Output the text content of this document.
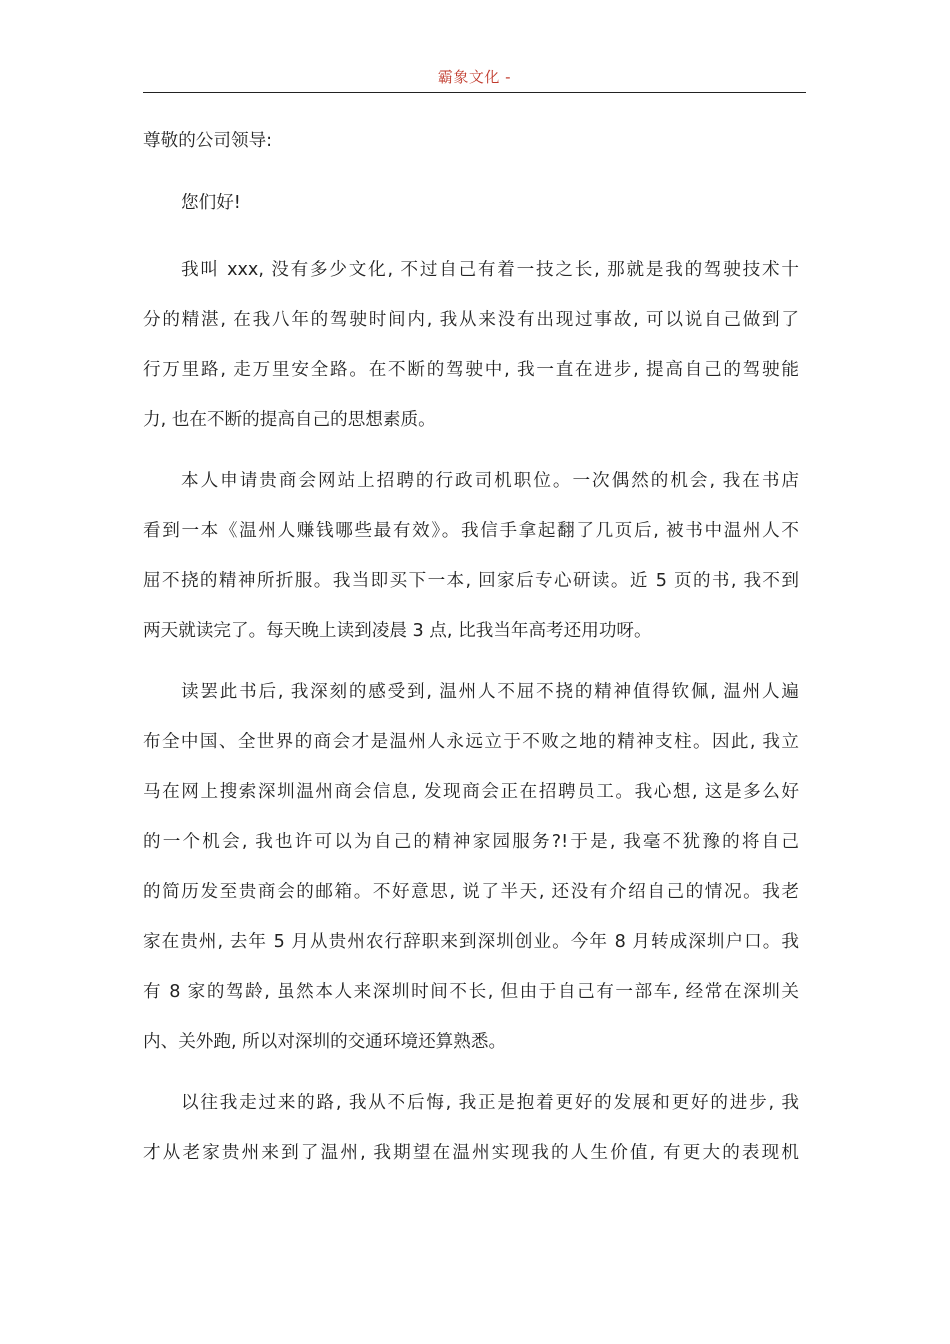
霸象文化 -
尊敬的公司领导:
您们好!
我叫 xxx, 没有多少文化, 不过自己有着一技之长, 那就是我的驾驶技术十
分的精湛, 在我八年的驾驶时间内, 我从来没有出现过事故, 可以说自己做到了
行万里路, 走万里安全路。在不断的驾驶中, 我一直在进步, 提高自己的驾驶能
力, 也在不断的提高自己的思想素质。
本人申请贵商会网站上招聘的行政司机职位。一次偶然的机会, 我在书店
看到一本《温州人赚钱哪些最有效》。我信手拿起翻了几页后, 被书中温州人不
屈不挠的精神所折服。我当即买下一本, 回家后专心研读。近 5 页的书, 我不到
两天就读完了。每天晚上读到凌晨 3 点, 比我当年高考还用功呀。
读罢此书后, 我深刻的感受到, 温州人不屈不挠的精神值得钦佩, 温州人遍
布全中国、全世界的商会才是温州人永远立于不败之地的精神支柱。因此, 我立
马在网上搜索深圳温州商会信息, 发现商会正在招聘员工。我心想, 这是多么好
的一个机会, 我也许可以为自己的精神家园服务?!于是, 我毫不犹豫的将自己
的简历发至贵商会的邮箱。不好意思, 说了半天, 还没有介绍自己的情况。我老
家在贵州, 去年 5 月从贵州农行辞职来到深圳创业。今年 8 月转成深圳户口。我
有 8 家的驾龄, 虽然本人来深圳时间不长, 但由于自己有一部车, 经常在深圳关
内、关外跑, 所以对深圳的交通环境还算熟悉。
以往我走过来的路, 我从不后悔, 我正是抱着更好的发展和更好的进步, 我
才从老家贵州来到了温州, 我期望在温州实现我的人生价值, 有更大的表现机
